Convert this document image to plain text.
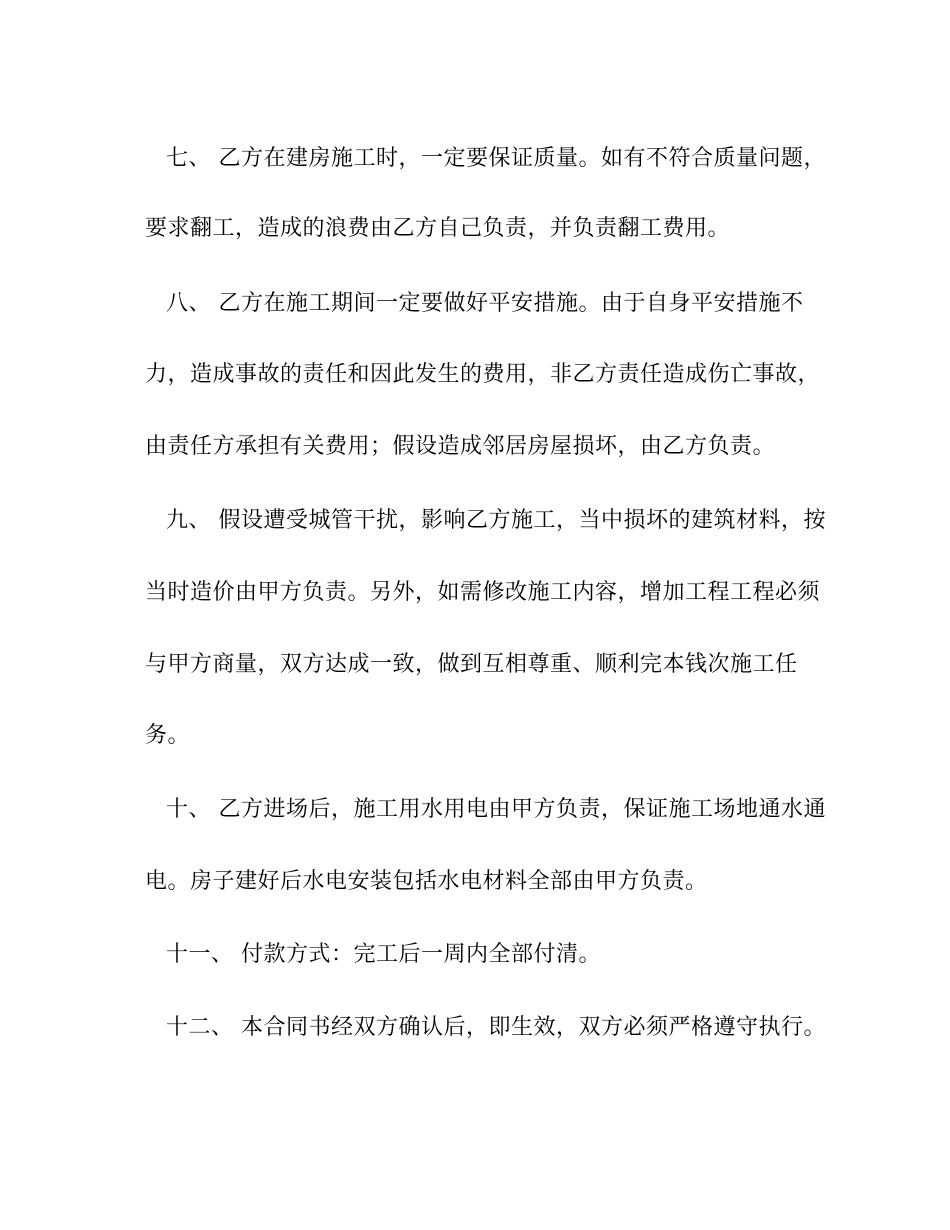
七、 乙方在建房施工时，一定要保证质量。如有不符合质量问题，
要求翻工，造成的浪费由乙方自己负责，并负责翻工费用。
八、 乙方在施工期间一定要做好平安措施。由于自身平安措施不
力，造成事故的责任和因此发生的费用，非乙方责任造成伤亡事故，
由责任方承担有关费用；假设造成邻居房屋损坏，由乙方负责。
九、 假设遭受城管干扰，影响乙方施工，当中损坏的建筑材料，按
当时造价由甲方负责。另外，如需修改施工内容，增加工程工程必须
与甲方商量，双方达成一致，做到互相尊重、顺利完本钱次施工任
务。
十、 乙方进场后，施工用水用电由甲方负责，保证施工场地通水通
电。房子建好后水电安装包括水电材料全部由甲方负责。
十一、 付款方式：完工后一周内全部付清。
十二、 本合同书经双方确认后，即生效，双方必须严格遵守执行。
